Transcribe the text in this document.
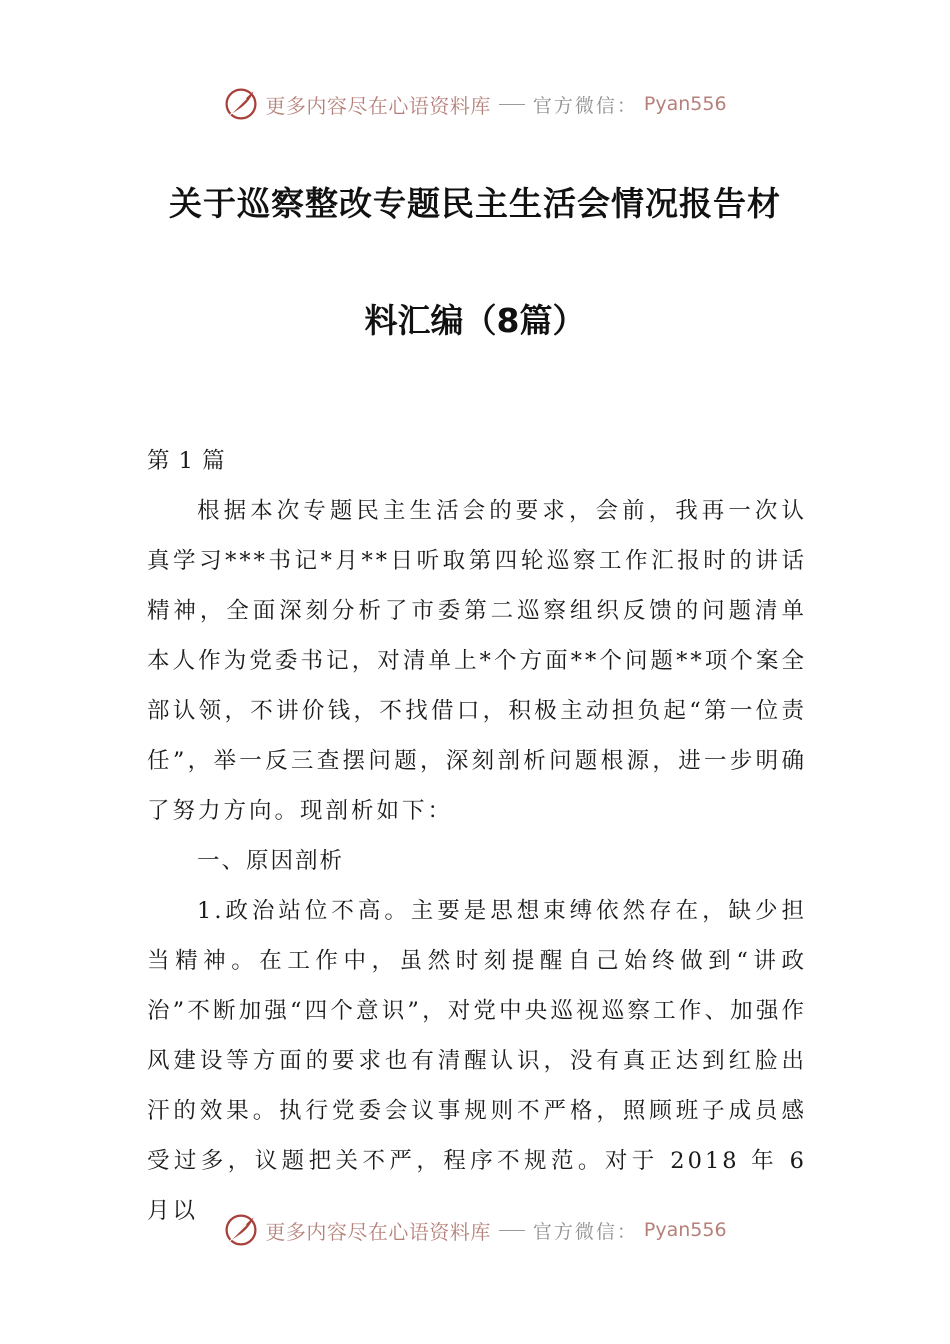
更多内容尽在心语资料库 官方微信： Pyan556
关于巡察整改专题民主生活会情况报告材
料汇编（8篇）

第 1 篇

根据本次专题民主生活会的要求，会前，我再一次认真学习***书记*月**日听取第四轮巡察工作汇报时的讲话精神，全面深刻分析了市委第二巡察组织反馈的问题清单本人作为党委书记，对清单上*个方面**个问题**项个案全部认领，不讲价钱，不找借口，积极主动担负起“第一位责任”，举一反三查摆问题，深刻剖析问题根源，进一步明确了努力方向。现剖析如下：

一、原因剖析

1.政治站位不高。主要是思想束缚依然存在，缺少担当精神。在工作中，虽然时刻提醒自己始终做到“讲政治”不断加强“四个意识”，对党中央巡视巡察工作、加强作风建设等方面的要求也有清醒认识，没有真正达到红脸出汗的效果。执行党委会议事规则不严格，照顾班子成员感受过多，议题把关不严，程序不规范。对于 2018 年 6 月以

更多内容尽在心语资料库 官方微信： Pyan556
